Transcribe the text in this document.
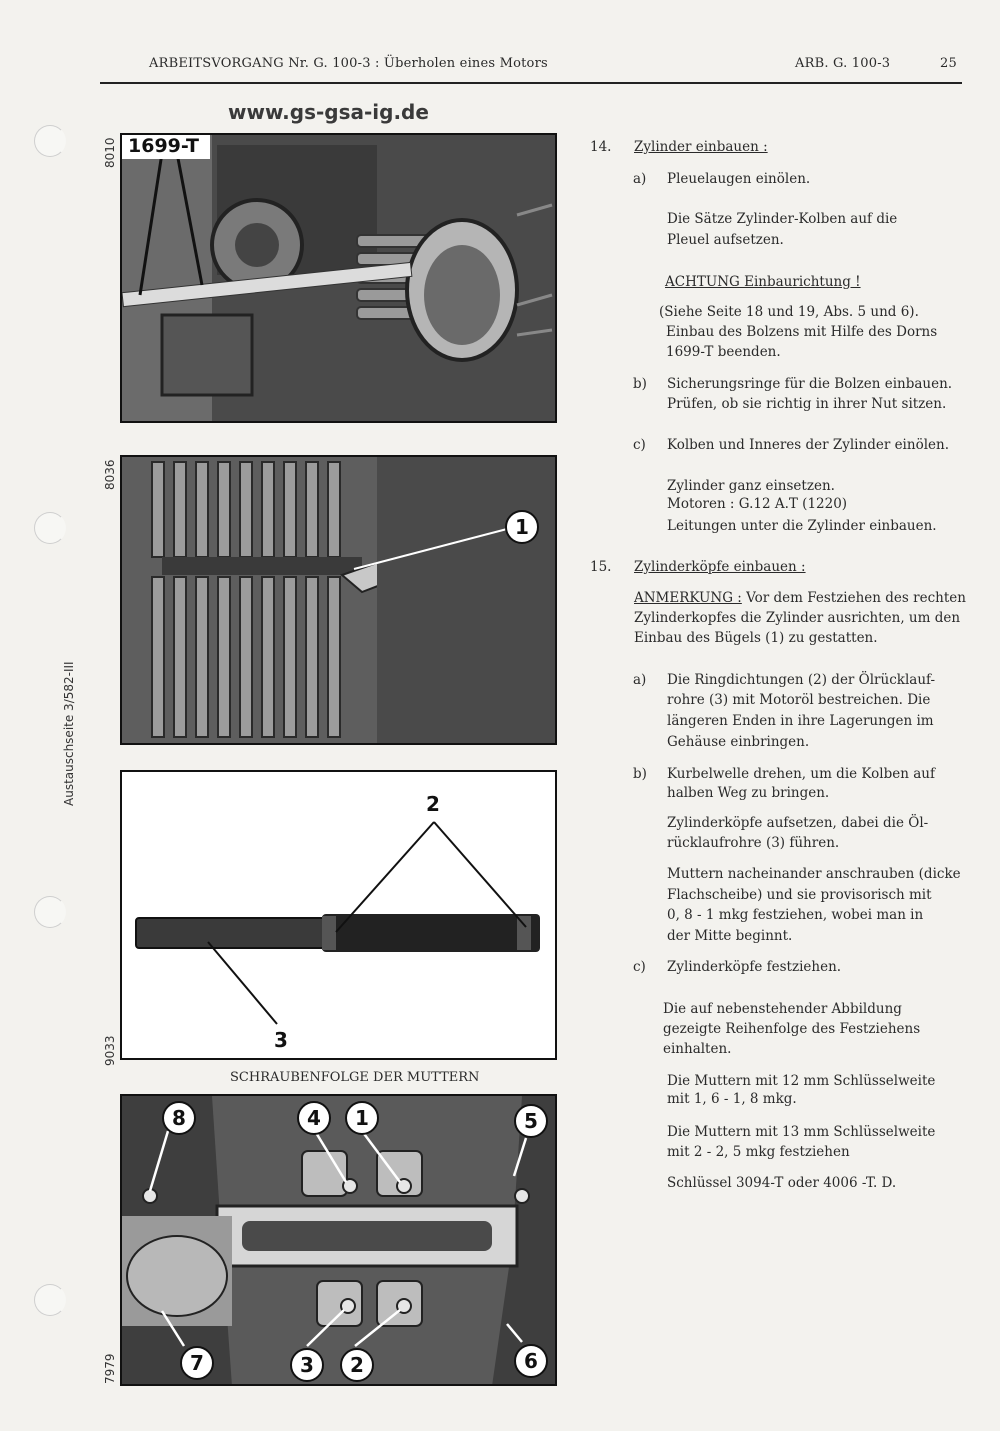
ARBEITSVORGANG Nr. G. 100-3 : Überholen eines Motors	ARB. G. 100-3	25
www.gs-gsa-ig.de
Austauschseite 3/582-III
8010
8036
9033
7979
1699-T
1
2
3
SCHRAUBENFOLGE DER MUTTERN
8	4	1	5
7	3	2	6
14. Zylinder einbauen :
a) Pleuelaugen einölen.
Die Sätze Zylinder-Kolben auf die
Pleuel aufsetzen.
ACHTUNG Einbaurichtung !
(Siehe Seite 18 und 19, Abs. 5 und 6).
Einbau des Bolzens mit Hilfe des Dorns
1699-T beenden.
b) Sicherungsringe für die Bolzen einbauen.
Prüfen, ob sie richtig in ihrer Nut sitzen.
c) Kolben und Inneres der Zylinder einölen.
Zylinder ganz einsetzen.
Motoren : G.12 A.T (1220)
Leitungen unter die Zylinder einbauen.
15. Zylinderköpfe einbauen :
ANMERKUNG : Vor dem Festziehen des rechten
Zylinderkopfes die Zylinder ausrichten, um den
Einbau des Bügels (1) zu gestatten.
a) Die Ringdichtungen (2) der Ölrücklauf-
rohre (3) mit Motoröl bestreichen. Die
längeren Enden in ihre Lagerungen im
Gehäuse einbringen.
b) Kurbelwelle drehen, um die Kolben auf
halben Weg zu bringen.
Zylinderköpfe aufsetzen, dabei die Öl-
rücklaufrohre (3) führen.
Muttern nacheinander anschrauben (dicke
Flachscheibe) und sie provisorisch mit
0, 8 - 1 mkg festziehen, wobei man in
der Mitte beginnt.
c) Zylinderköpfe festziehen.
Die auf nebenstehender Abbildung
gezeigte Reihenfolge des Festziehens
einhalten.
Die Muttern mit 12 mm Schlüsselweite
mit 1, 6 - 1, 8 mkg.
Die Muttern mit 13 mm Schlüsselweite
mit 2 - 2, 5 mkg festziehen
Schlüssel 3094-T oder 4006 -T. D.
